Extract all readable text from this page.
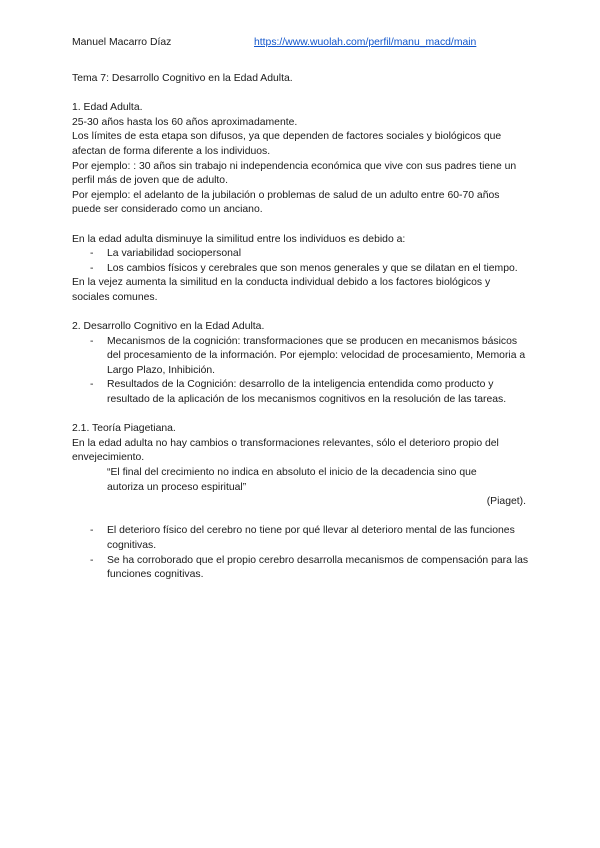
Manuel Macarro Díaz	https://www.wuolah.com/perfil/manu_macd/main

Tema 7: Desarrollo Cognitivo en la Edad Adulta.

1. Edad Adulta.

25-30 años hasta los 60 años aproximadamente.

Los límites de esta etapa son difusos, ya que dependen de factores sociales y biológicos que afectan de forma diferente a los individuos.

Por ejemplo: : 30 años sin trabajo ni independencia económica que vive con sus padres tiene un perfil más de joven que de adulto.

Por ejemplo: el adelanto de la jubilación o problemas de salud de un adulto entre 60-70 años puede ser considerado como un anciano.

En la edad adulta disminuye la similitud entre los individuos es debido a:

- La variabilidad sociopersonal
- Los cambios físicos y cerebrales que son menos generales y que se dilatan en el tiempo.

En la vejez aumenta la similitud en la conducta individual debido a los factores biológicos y sociales comunes.

2. Desarrollo Cognitivo en la Edad Adulta.

- Mecanismos de la cognición: transformaciones que se producen en mecanismos básicos del procesamiento de la información. Por ejemplo: velocidad de procesamiento, Memoria a Largo Plazo, Inhibición.
- Resultados de la Cognición: desarrollo de la inteligencia entendida como producto y resultado de la aplicación de los mecanismos cognitivos en la resolución de las tareas.

2.1. Teoría Piagetiana.

En la edad adulta no hay cambios o transformaciones relevantes, sólo el deterioro propio del envejecimiento.

“El final del crecimiento no indica en absoluto el inicio de la decadencia sino que autoriza un proceso espiritual”

(Piaget).

- El deterioro físico del cerebro no tiene por qué llevar al deterioro mental de las funciones cognitivas.
- Se ha corroborado que el propio cerebro desarrolla mecanismos de compensación para las funciones cognitivas.
